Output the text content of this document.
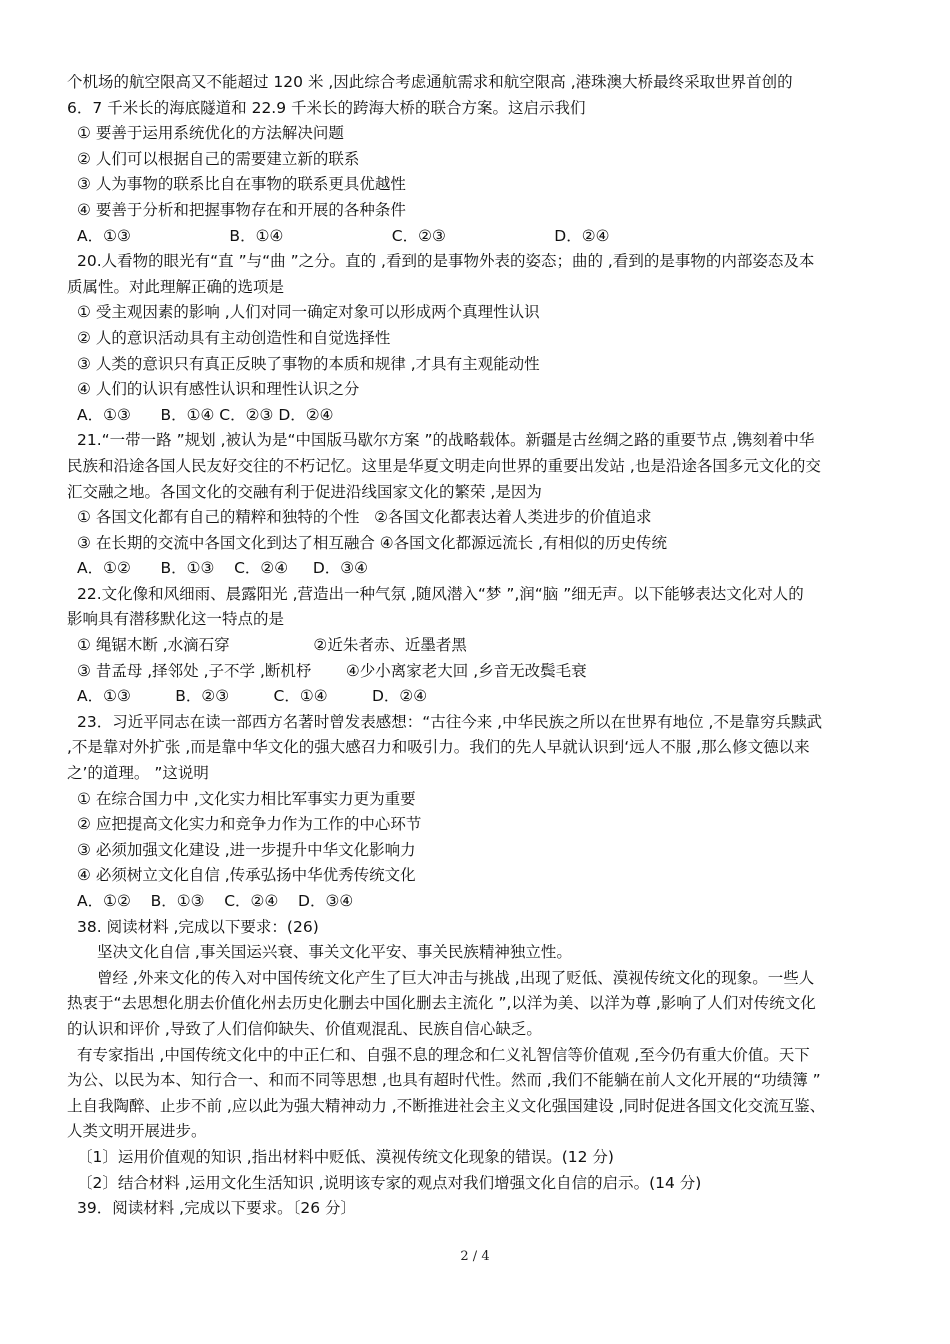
个机场的航空限高又不能超过 120 米 ,因此综合考虑通航需求和航空限高 ,港珠澳大桥最终采取世界首创的
6．7 千米长的海底隧道和 22.9 千米长的跨海大桥的联合方案。这启示我们
① 要善于运用系统优化的方法解决问题
② 人们可以根据自己的需要建立新的联系
③ 人为事物的联系比自在事物的联系更具优越性
④ 要善于分析和把握事物存在和开展的各种条件
A．①③                    B．①④                      C．②③                      D．②④
20.人看物的眼光有“直 ”与“曲 ”之分。直的 ,看到的是事物外表的姿态；曲的 ,看到的是事物的内部姿态及本
质属性。对此理解正确的选项是
① 受主观因素的影响 ,人们对同一确定对象可以形成两个真理性认识
② 人的意识活动具有主动创造性和自觉选择性
③ 人类的意识只有真正反映了事物的本质和规律 ,才具有主观能动性
④ 人们的认识有感性认识和理性认识之分
A．①③      B．①④ C．②③ D．②④
21.“一带一路 ”规划 ,被认为是“中国版马歇尔方案 ”的战略载体。新疆是古丝绸之路的重要节点 ,镌刻着中华
民族和沿途各国人民友好交往的不朽记忆。这里是华夏文明走向世界的重要出发站 ,也是沿途各国多元文化的交
汇交融之地。各国文化的交融有利于促进沿线国家文化的繁荣 ,是因为
① 各国文化都有自己的精粹和独特的个性   ②各国文化都表达着人类进步的价值追求
③ 在长期的交流中各国文化到达了相互融合 ④各国文化都源远流长 ,有相似的历史传统
A．①②      B．①③    C．②④     D．③④
22.文化像和风细雨、晨露阳光 ,营造出一种气氛 ,随风潜入“梦 ”,润“脑 ”细无声。以下能够表达文化对人的
影响具有潜移默化这一特点的是
① 绳锯木断 ,水滴石穿                 ②近朱者赤、近墨者黑
③ 昔孟母 ,择邻处 ,子不学 ,断机杼       ④少小离家老大回 ,乡音无改鬓毛衰
A．①③         B．②③         C．①④         D．②④
23．习近平同志在读一部西方名著时曾发表感想：“古往今来 ,中华民族之所以在世界有地位 ,不是靠穷兵黩武
,不是靠对外扩张 ,而是靠中华文化的强大感召力和吸引力。我们的先人早就认识到‘远人不服 ,那么修文德以来
之’的道理。 ”这说明
① 在综合国力中 ,文化实力相比军事实力更为重要
② 应把提高文化实力和竞争力作为工作的中心环节
③ 必须加强文化建设 ,进一步提升中华文化影响力
④ 必须树立文化自信 ,传承弘扬中华优秀传统文化
A．①②    B．①③    C．②④    D．③④
38. 阅读材料 ,完成以下要求：(26)
坚决文化自信 ,事关国运兴衰、事关文化平安、事关民族精神独立性。
曾经 ,外来文化的传入对中国传统文化产生了巨大冲击与挑战 ,出现了贬低、漠视传统文化的现象。一些人
热衷于“去思想化朋去价值化州去历史化删去中国化删去主流化 ”,以洋为美、以洋为尊 ,影响了人们对传统文化
的认识和评价 ,导致了人们信仰缺失、价值观混乱、民族自信心缺乏。
有专家指出 ,中国传统文化中的中正仁和、自强不息的理念和仁义礼智信等价值观 ,至今仍有重大价值。天下
为公、以民为本、知行合一、和而不同等思想 ,也具有超时代性。然而 ,我们不能躺在前人文化开展的“功绩簿 ”
上自我陶醉、止步不前 ,应以此为强大精神动力 ,不断推进社会主义文化强国建设 ,同时促进各国文化交流互鉴、
人类文明开展进步。
〔1〕运用价值观的知识 ,指出材料中贬低、漠视传统文化现象的错误。(12 分)
〔2〕结合材料 ,运用文化生活知识 ,说明该专家的观点对我们增强文化自信的启示。(14 分)
39．阅读材料 ,完成以下要求。〔26 分〕
2 / 4
